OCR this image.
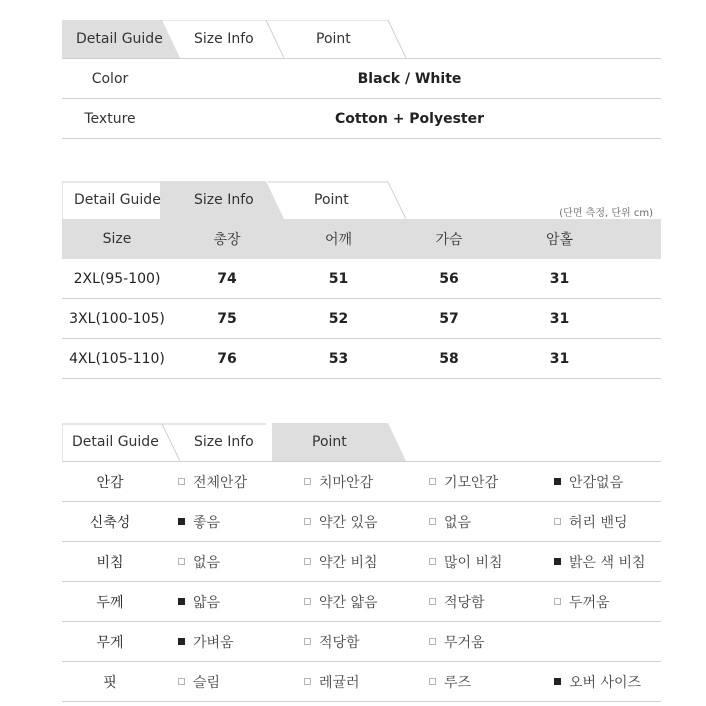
Detail Guide Size Info	Point
Color	Black / White
Texture	Cotton + Polyester
Detail Guide Size Info	Point
(단면 측정, 단위 cm)
Size	총장	어깨	가슴	암홀
2XL(95-100)	74	51	56	31
3XL(100-105)	75	52	57	31
4XL(105-110)	76	53	58	31
Detail Guide	Size Info	Point
안감	전체안감	치마안감	기모안감	안감없음
신축성	좋음	약간 있음	없음	허리 밴딩
비침	없음	약간 비침	많이 비침	밝은 색 비침
두께	얇음	약간 얇음	적당함	두꺼움
무게	가벼움	적당함	무거움
핏	슬림	레귤러	루즈	오버 사이즈
